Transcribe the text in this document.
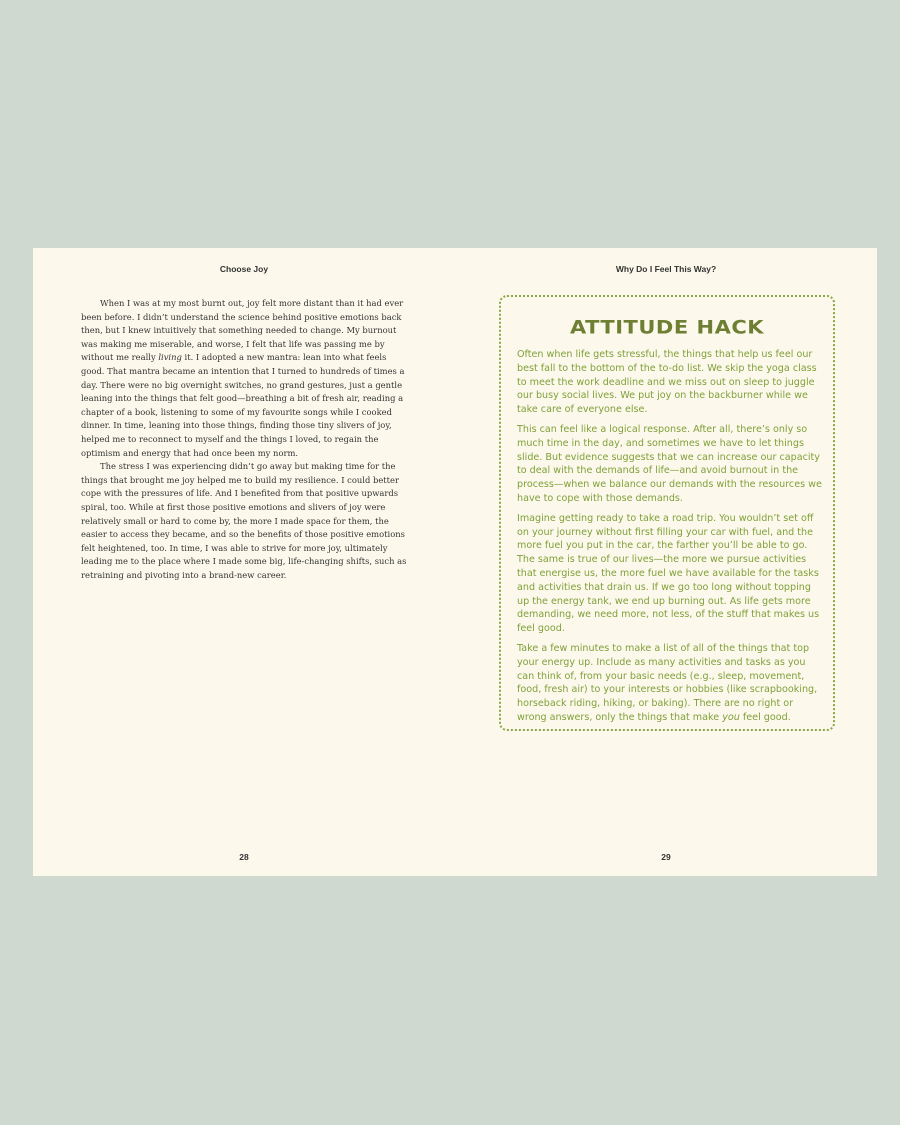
Choose Joy

When I was at my most burnt out, joy felt more distant than it had ever been before. I didn’t understand the science behind positive emotions back then, but I knew intuitively that something needed to change. My burnout was making me miserable, and worse, I felt that life was passing me by without me really living it. I adopted a new mantra: lean into what feels good. That mantra became an intention that I turned to hundreds of times a day. There were no big overnight switches, no grand gestures, just a gentle leaning into the things that felt good—breathing a bit of fresh air, reading a chapter of a book, listening to some of my favourite songs while I cooked dinner. In time, leaning into those things, finding those tiny slivers of joy, helped me to reconnect to myself and the things I loved, to regain the optimism and energy that had once been my norm.

The stress I was experiencing didn’t go away but making time for the things that brought me joy helped me to build my resilience. I could better cope with the pressures of life. And I benefited from that positive upwards spiral, too. While at first those positive emotions and slivers of joy were relatively small or hard to come by, the more I made space for them, the easier to access they became, and so the benefits of those positive emotions felt heightened, too. In time, I was able to strive for more joy, ultimately leading me to the place where I made some big, life-changing shifts, such as retraining and pivoting into a brand-new career.

28
Why Do I Feel This Way?
ATTITUDE HACK

Often when life gets stressful, the things that help us feel our best fall to the bottom of the to-do list. We skip the yoga class to meet the work deadline and we miss out on sleep to juggle our busy social lives. We put joy on the backburner while we take care of everyone else.

This can feel like a logical response. After all, there’s only so much time in the day, and sometimes we have to let things slide. But evidence suggests that we can increase our capacity to deal with the demands of life—and avoid burnout in the process—when we balance our demands with the resources we have to cope with those demands.

Imagine getting ready to take a road trip. You wouldn’t set off on your journey without first filling your car with fuel, and the more fuel you put in the car, the farther you’ll be able to go. The same is true of our lives—the more we pursue activities that energise us, the more fuel we have available for the tasks and activities that drain us. If we go too long without topping up the energy tank, we end up burning out. As life gets more demanding, we need more, not less, of the stuff that makes us feel good.

Take a few minutes to make a list of all of the things that top your energy up. Include as many activities and tasks as you can think of, from your basic needs (e.g., sleep, movement, food, fresh air) to your interests or hobbies (like scrapbooking, horseback riding, hiking, or baking). There are no right or wrong answers, only the things that make you feel good.

29
